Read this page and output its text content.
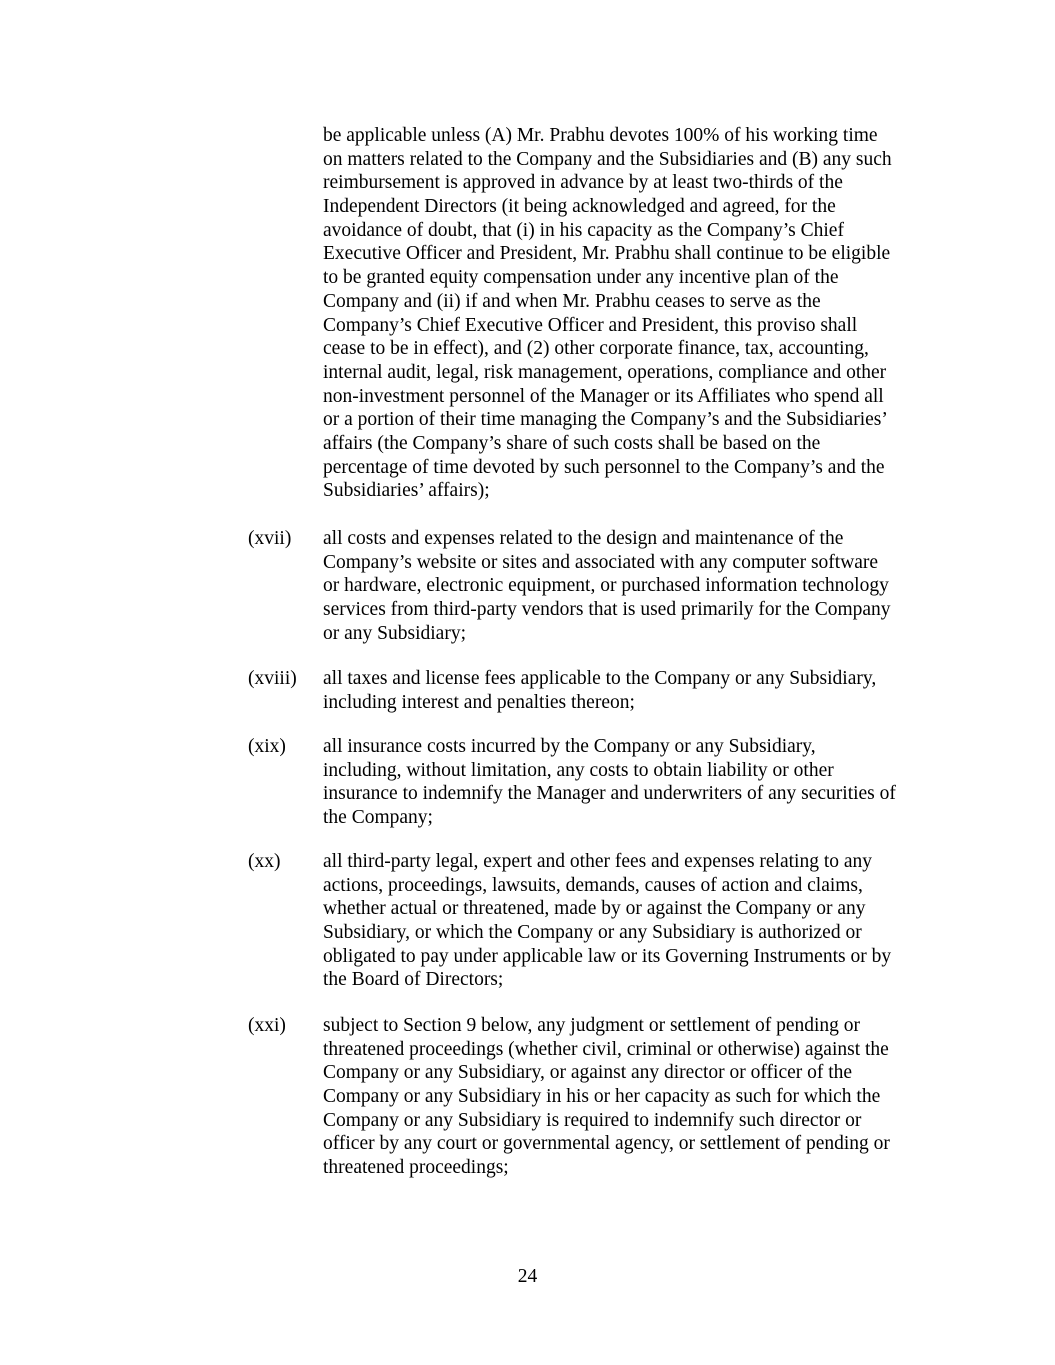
be applicable unless (A) Mr. Prabhu devotes 100% of his working time
on matters related to the Company and the Subsidiaries and (B) any such
reimbursement is approved in advance by at least two-thirds of the
Independent Directors (it being acknowledged and agreed, for the
avoidance of doubt, that (i) in his capacity as the Company’s Chief
Executive Officer and President, Mr. Prabhu shall continue to be eligible
to be granted equity compensation under any incentive plan of the
Company and (ii) if and when Mr. Prabhu ceases to serve as the
Company’s Chief Executive Officer and President, this proviso shall
cease to be in effect), and (2) other corporate finance, tax, accounting,
internal audit, legal, risk management, operations, compliance and other
non-investment personnel of the Manager or its Affiliates who spend all
or a portion of their time managing the Company’s and the Subsidiaries’
affairs (the Company’s share of such costs shall be based on the
percentage of time devoted by such personnel to the Company’s and the
Subsidiaries’ affairs);
(xvii) all costs and expenses related to the design and maintenance of the
Company’s website or sites and associated with any computer software
or hardware, electronic equipment, or purchased information technology
services from third-party vendors that is used primarily for the Company
or any Subsidiary;
(xviii) all taxes and license fees applicable to the Company or any Subsidiary,
including interest and penalties thereon;
(xix) all insurance costs incurred by the Company or any Subsidiary,
including, without limitation, any costs to obtain liability or other
insurance to indemnify the Manager and underwriters of any securities of
the Company;
(xx) all third-party legal, expert and other fees and expenses relating to any
actions, proceedings, lawsuits, demands, causes of action and claims,
whether actual or threatened, made by or against the Company or any
Subsidiary, or which the Company or any Subsidiary is authorized or
obligated to pay under applicable law or its Governing Instruments or by
the Board of Directors;
(xxi) subject to Section 9 below, any judgment or settlement of pending or
threatened proceedings (whether civil, criminal or otherwise) against the
Company or any Subsidiary, or against any director or officer of the
Company or any Subsidiary in his or her capacity as such for which the
Company or any Subsidiary is required to indemnify such director or
officer by any court or governmental agency, or settlement of pending or
threatened proceedings;
24
